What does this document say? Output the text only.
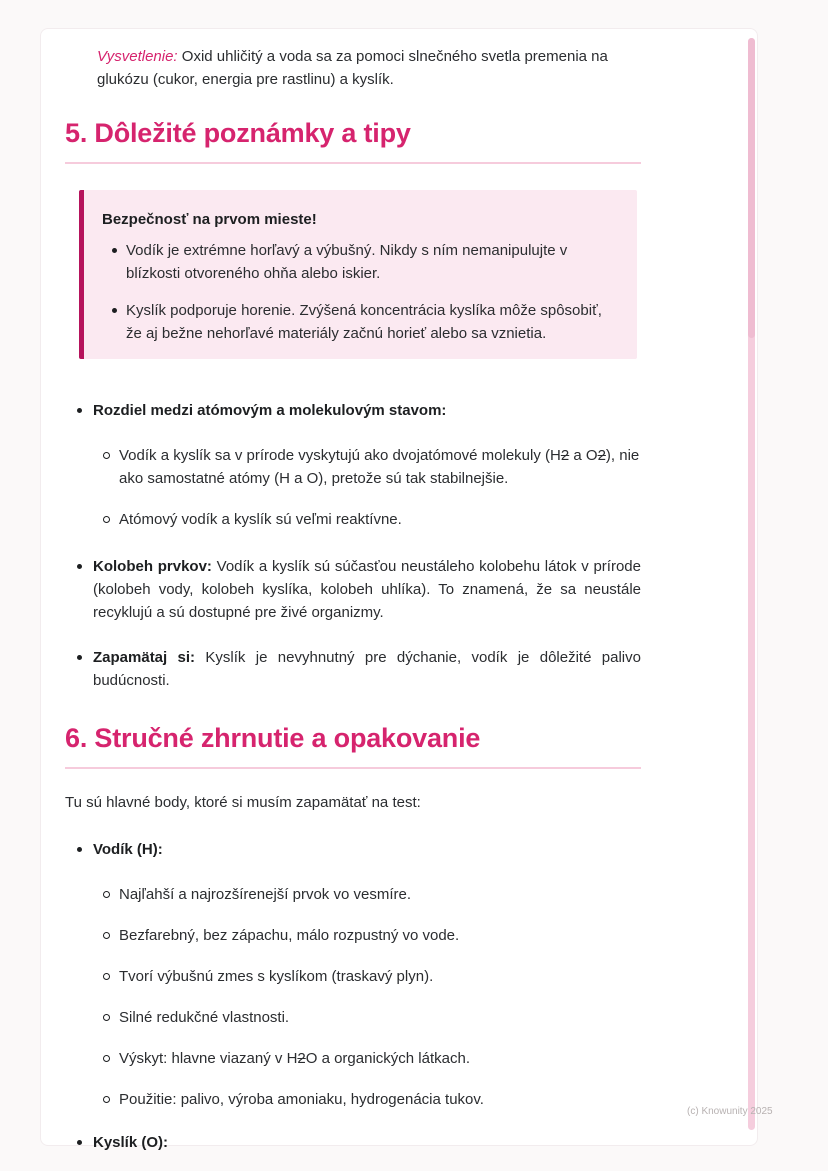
Vysvetlenie: Oxid uhličitý a voda sa za pomoci slnečného svetla premenia na glukózu (cukor, energia pre rastlinu) a kyslík.

5. Dôležité poznámky a tipy

Bezpečnosť na prvom mieste!

Vodík je extrémne horľavý a výbušný. Nikdy s ním nemanipulujte v blízkosti otvoreného ohňa alebo iskier.

Kyslík podporuje horenie. Zvýšená koncentrácia kyslíka môže spôsobiť, že aj bežne nehorľavé materiály začnú horieť alebo sa vznietia.

Rozdiel medzi atómovým a molekulovým stavom:

Vodík a kyslík sa v prírode vyskytujú ako dvojatómové molekuly (H2 a O2), nie ako samostatné atómy (H a O), pretože sú tak stabilnejšie.

Atómový vodík a kyslík sú veľmi reaktívne.

Kolobeh prvkov: Vodík a kyslík sú súčasťou neustáleho kolobehu látok v prírode (kolobeh vody, kolobeh kyslíka, kolobeh uhlíka). To znamená, že sa neustále recyklujú a sú dostupné pre živé organizmy.

Zapamätaj si: Kyslík je nevyhnutný pre dýchanie, vodík je dôležité palivo budúcnosti.

6. Stručné zhrnutie a opakovanie

Tu sú hlavné body, ktoré si musím zapamätať na test:

Vodík (H):

Najľahší a najrozšírenejší prvok vo vesmíre.

Bezfarebný, bez zápachu, málo rozpustný vo vode.

Tvorí výbušnú zmes s kyslíkom (traskavý plyn).

Silné redukčné vlastnosti.

Výskyt: hlavne viazaný v H2O a organických látkach.

Použitie: palivo, výroba amoniaku, hydrogenácia tukov.

Kyslík (O):

(c) Knowunity 2025
